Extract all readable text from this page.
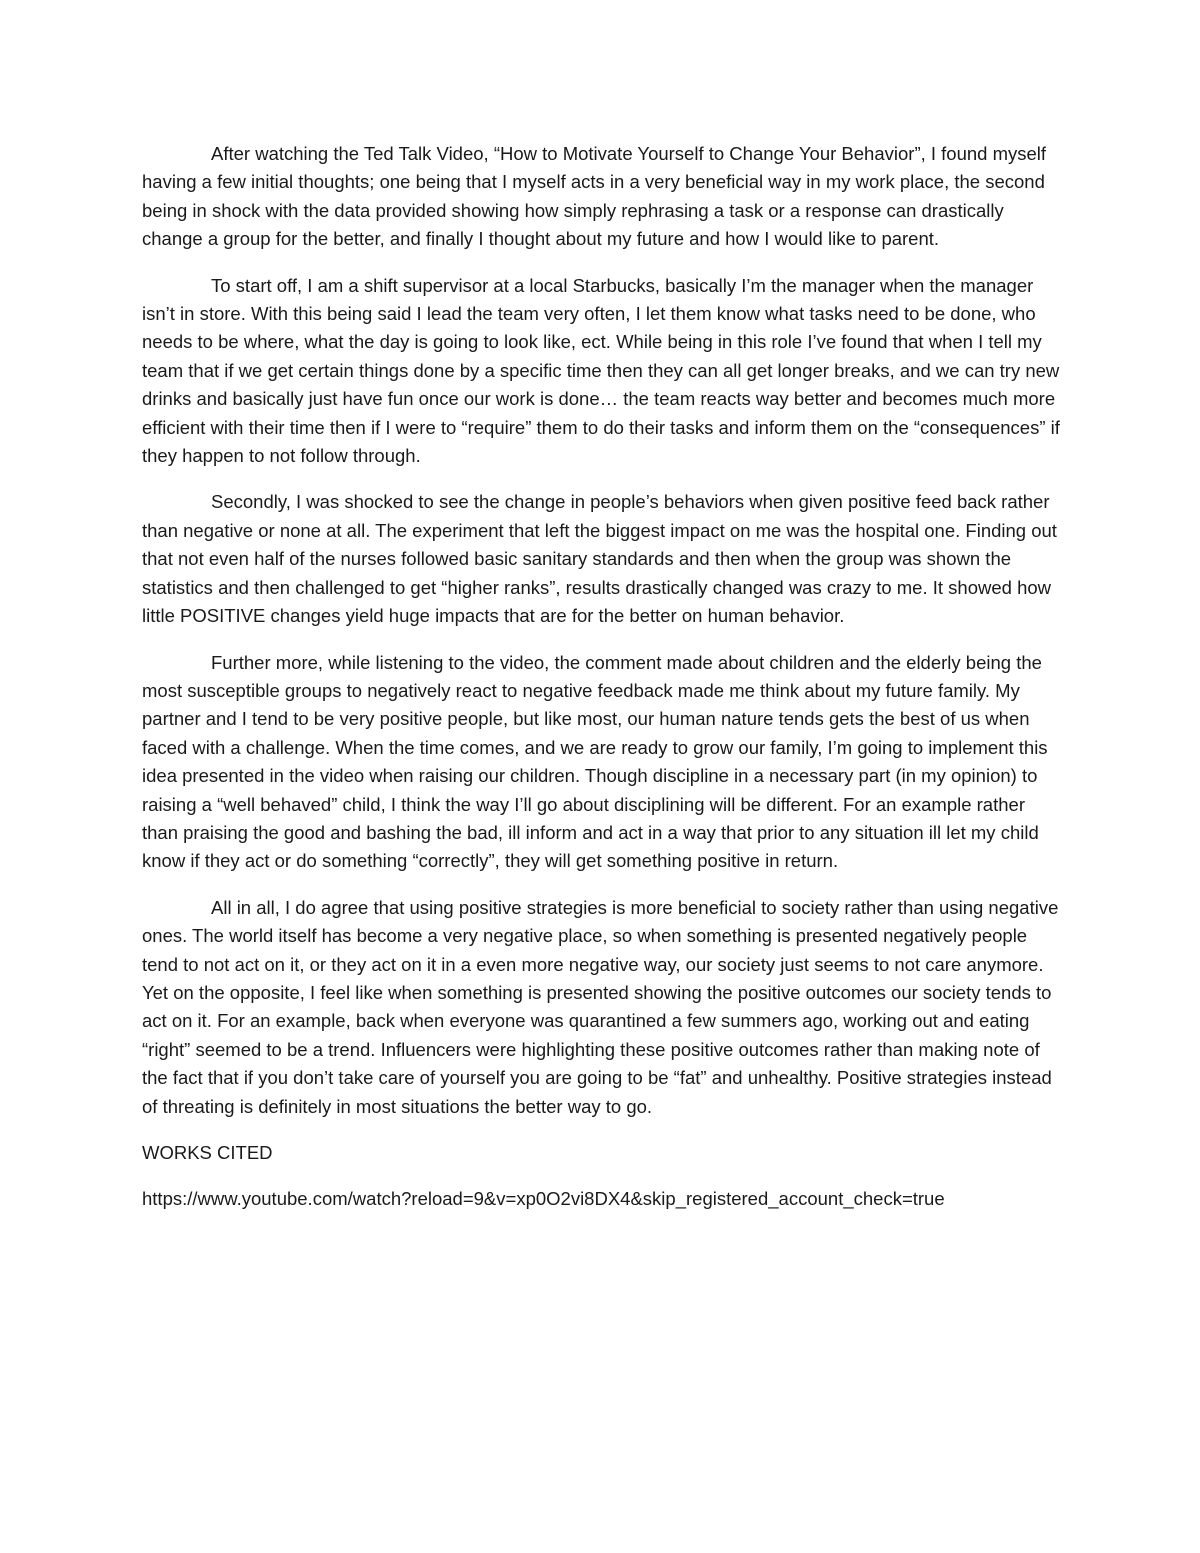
After watching the Ted Talk Video, “How to Motivate Yourself to Change Your Behavior”, I found myself having a few initial thoughts; one being that I myself acts in a very beneficial way in my work place, the second being in shock with the data provided showing how simply rephrasing a task or a response can drastically change a group for the better, and finally I thought about my future and how I would like to parent.

To start off, I am a shift supervisor at a local Starbucks, basically I’m the manager when the manager isn’t in store. With this being said I lead the team very often, I let them know what tasks need to be done, who needs to be where, what the day is going to look like, ect. While being in this role I’ve found that when I tell my team that if we get certain things done by a specific time then they can all get longer breaks, and we can try new drinks and basically just have fun once our work is done… the team reacts way better and becomes much more efficient with their time then if I were to “require” them to do their tasks and inform them on the “consequences” if they happen to not follow through.

Secondly, I was shocked to see the change in people’s behaviors when given positive feed back rather than negative or none at all. The experiment that left the biggest impact on me was the hospital one. Finding out that not even half of the nurses followed basic sanitary standards and then when the group was shown the statistics and then challenged to get “higher ranks”, results drastically changed was crazy to me. It showed how little POSITIVE changes yield huge impacts that are for the better on human behavior.

Further more, while listening to the video, the comment made about children and the elderly being the most susceptible groups to negatively react to negative feedback made me think about my future family. My partner and I tend to be very positive people, but like most, our human nature tends gets the best of us when faced with a challenge. When the time comes, and we are ready to grow our family, I’m going to implement this idea presented in the video when raising our children. Though discipline in a necessary part (in my opinion) to raising a “well behaved” child, I think the way I’ll go about disciplining will be different. For an example rather than praising the good and bashing the bad, ill inform and act in a way that prior to any situation ill let my child know if they act or do something “correctly”, they will get something positive in return.

All in all, I do agree that using positive strategies is more beneficial to society rather than using negative ones. The world itself has become a very negative place, so when something is presented negatively people tend to not act on it, or they act on it in a even more negative way, our society just seems to not care anymore. Yet on the opposite, I feel like when something is presented showing the positive outcomes our society tends to act on it. For an example, back when everyone was quarantined a few summers ago, working out and eating “right” seemed to be a trend. Influencers were highlighting these positive outcomes rather than making note of the fact that if you don’t take care of yourself you are going to be “fat” and unhealthy. Positive strategies instead of threating is definitely in most situations the better way to go.

WORKS CITED

https://www.youtube.com/watch?reload=9&v=xp0O2vi8DX4&skip_registered_account_check=true
